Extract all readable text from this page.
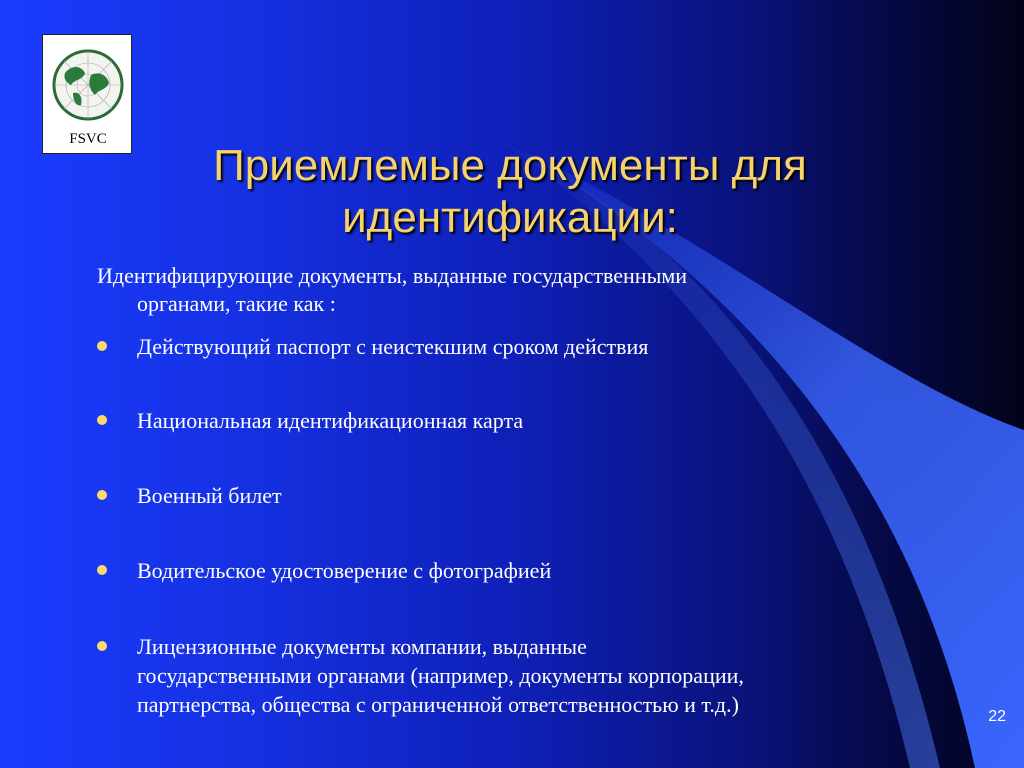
FSVC
Приемлемые документы для
идентификации:
Идентифицирующие документы, выданные государственными
органами, такие как :
Действующий паспорт с неистекшим сроком действия
Национальная идентификационная карта
Военный билет
Водительское удостоверение с фотографией
Лицензионные документы компании, выданные
государственными органами (например, документы корпорации,
партнерства, общества с ограниченной ответственностью и т.д.)	22
